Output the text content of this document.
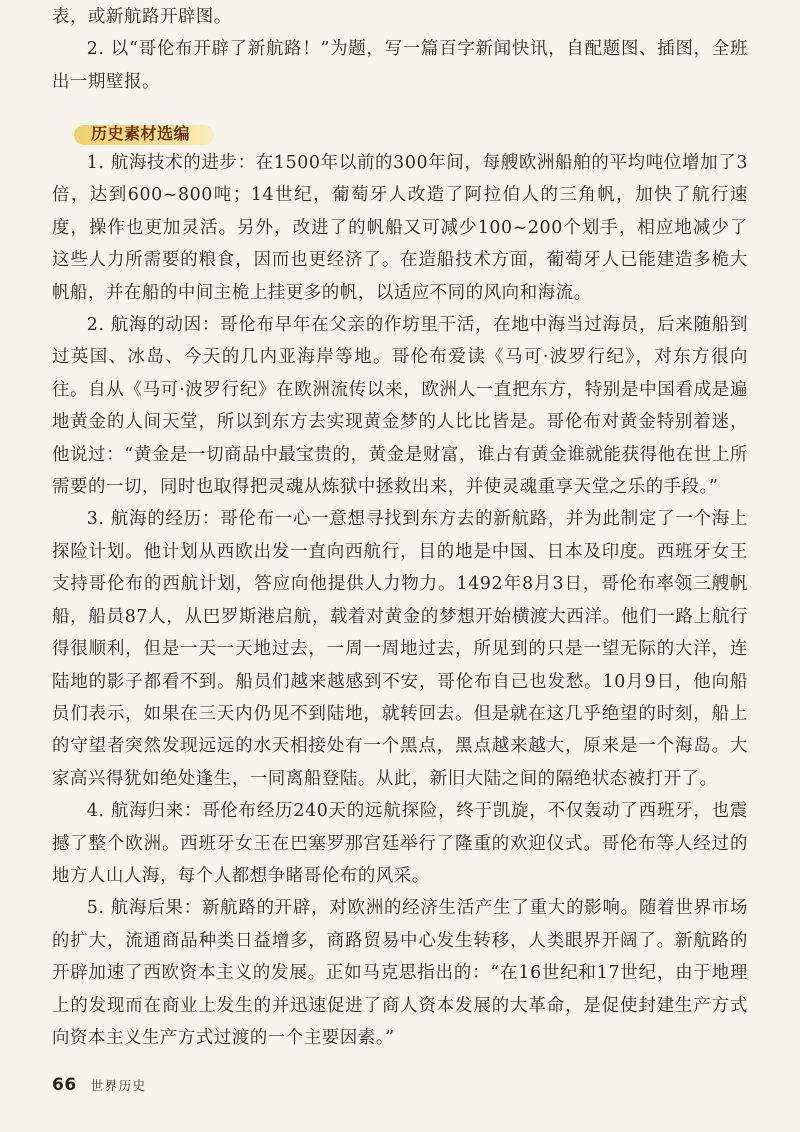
表，或新航路开辟图。

2. 以“哥伦布开辟了新航路！”为题，写一篇百字新闻快讯，自配题图、插图，全班出一期壁报。

历史素材选编

1. 航海技术的进步：在1500年以前的300年间，每艘欧洲船舶的平均吨位增加了3倍，达到600~800吨；14世纪，葡萄牙人改造了阿拉伯人的三角帆，加快了航行速度，操作也更加灵活。另外，改进了的帆船又可减少100~200个划手，相应地减少了这些人力所需要的粮食，因而也更经济了。在造船技术方面，葡萄牙人已能建造多桅大帆船，并在船的中间主桅上挂更多的帆，以适应不同的风向和海流。

2. 航海的动因：哥伦布早年在父亲的作坊里干活，在地中海当过海员，后来随船到过英国、冰岛、今天的几内亚海岸等地。哥伦布爱读《马可·波罗行纪》，对东方很向往。自从《马可·波罗行纪》在欧洲流传以来，欧洲人一直把东方，特别是中国看成是遍地黄金的人间天堂，所以到东方去实现黄金梦的人比比皆是。哥伦布对黄金特别着迷，他说过：“黄金是一切商品中最宝贵的，黄金是财富，谁占有黄金谁就能获得他在世上所需要的一切，同时也取得把灵魂从炼狱中拯救出来，并使灵魂重享天堂之乐的手段。”

3. 航海的经历：哥伦布一心一意想寻找到东方去的新航路，并为此制定了一个海上探险计划。他计划从西欧出发一直向西航行，目的地是中国、日本及印度。西班牙女王支持哥伦布的西航计划，答应向他提供人力物力。1492年8月3日，哥伦布率领三艘帆船，船员87人，从巴罗斯港启航，载着对黄金的梦想开始横渡大西洋。他们一路上航行得很顺利，但是一天一天地过去，一周一周地过去，所见到的只是一望无际的大洋，连陆地的影子都看不到。船员们越来越感到不安，哥伦布自己也发愁。10月9日，他向船员们表示，如果在三天内仍见不到陆地，就转回去。但是就在这几乎绝望的时刻，船上的守望者突然发现远远的水天相接处有一个黑点，黑点越来越大，原来是一个海岛。大家高兴得犹如绝处逢生，一同离船登陆。从此，新旧大陆之间的隔绝状态被打开了。

4. 航海归来：哥伦布经历240天的远航探险，终于凯旋，不仅轰动了西班牙，也震撼了整个欧洲。西班牙女王在巴塞罗那宫廷举行了隆重的欢迎仪式。哥伦布等人经过的地方人山人海，每个人都想争睹哥伦布的风采。

5. 航海后果：新航路的开辟，对欧洲的经济生活产生了重大的影响。随着世界市场的扩大，流通商品种类日益增多，商路贸易中心发生转移，人类眼界开阔了。新航路的开辟加速了西欧资本主义的发展。正如马克思指出的：“在16世纪和17世纪，由于地理上的发现而在商业上发生的并迅速促进了商人资本发展的大革命，是促使封建生产方式向资本主义生产方式过渡的一个主要因素。”

66 世界历史
